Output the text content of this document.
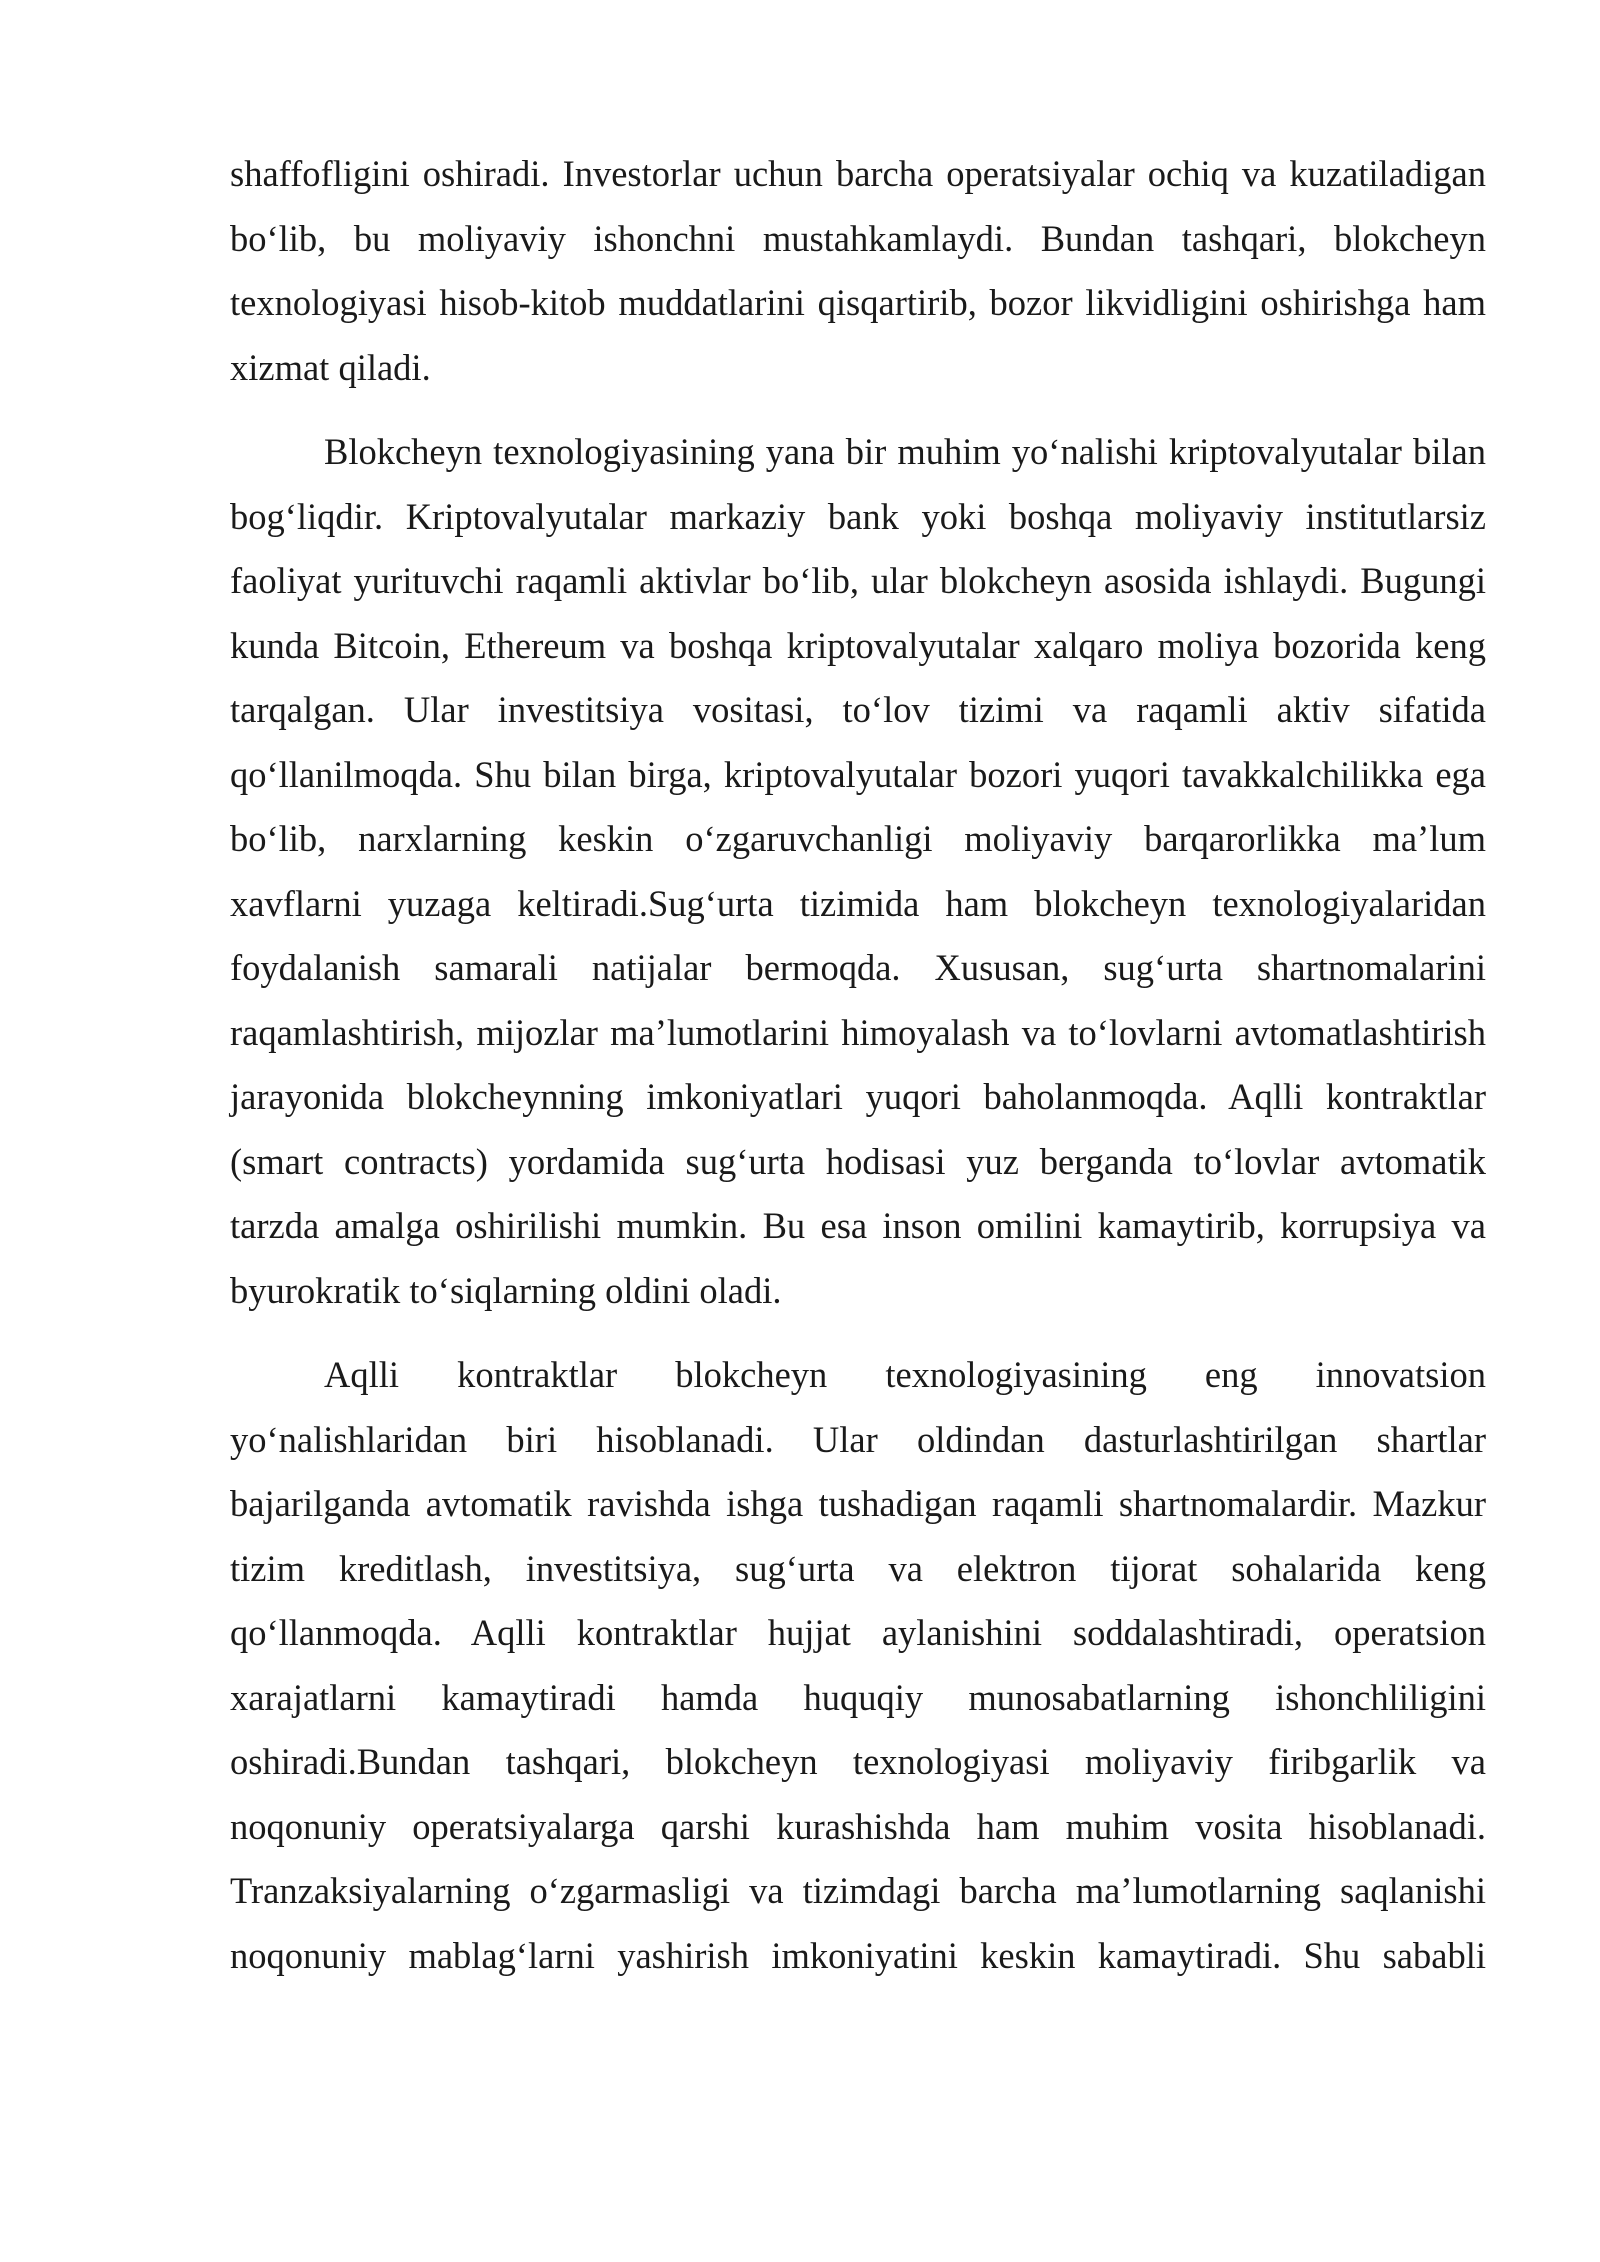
shaffofligini oshiradi. Investorlar uchun barcha operatsiyalar ochiq va kuzatiladigan bo‘lib, bu moliyaviy ishonchni mustahkamlaydi. Bundan tashqari, blokcheyn texnologiyasi hisob-kitob muddatlarini qisqartirib, bozor likvidligini oshirishga ham xizmat qiladi.

Blokcheyn texnologiyasining yana bir muhim yo‘nalishi kriptovalyutalar bilan bog‘liqdir. Kriptovalyutalar markaziy bank yoki boshqa moliyaviy institutlarsiz faoliyat yurituvchi raqamli aktivlar bo‘lib, ular blokcheyn asosida ishlaydi. Bugungi kunda Bitcoin, Ethereum va boshqa kriptovalyutalar xalqaro moliya bozorida keng tarqalgan. Ular investitsiya vositasi, to‘lov tizimi va raqamli aktiv sifatida qo‘llanilmoqda. Shu bilan birga, kriptovalyutalar bozori yuqori tavakkalchilikka ega bo‘lib, narxlarning keskin o‘zgaruvchanligi moliyaviy barqarorlikka ma’lum xavflarni yuzaga keltiradi.Sug‘urta tizimida ham blokcheyn texnologiyalaridan foydalanish samarali natijalar bermoqda. Xususan, sug‘urta shartnomalarini raqamlashtirish, mijozlar ma’lumotlarini himoyalash va to‘lovlarni avtomatlashtirish jarayonida blokcheynning imkoniyatlari yuqori baholanmoqda. Aqlli kontraktlar (smart contracts) yordamida sug‘urta hodisasi yuz berganda to‘lovlar avtomatik tarzda amalga oshirilishi mumkin. Bu esa inson omilini kamaytirib, korrupsiya va byurokratik to‘siqlarning oldini oladi.

Aqlli kontraktlar blokcheyn texnologiyasining eng innovatsion yo‘nalishlaridan biri hisoblanadi. Ular oldindan dasturlashtirilgan shartlar bajarilganda avtomatik ravishda ishga tushadigan raqamli shartnomalardir. Mazkur tizim kreditlash, investitsiya, sug‘urta va elektron tijorat sohalarida keng qo‘llanmoqda. Aqlli kontraktlar hujjat aylanishini soddalashtiradi, operatsion xarajatlarni kamaytiradi hamda huquqiy munosabatlarning ishonchliligini oshiradi.Bundan tashqari, blokcheyn texnologiyasi moliyaviy firibgarlik va noqonuniy operatsiyalarga qarshi kurashishda ham muhim vosita hisoblanadi. Tranzaksiyalarning o‘zgarmasligi va tizimdagi barcha ma’lumotlarning saqlanishi noqonuniy mablag‘larni yashirish imkoniyatini keskin kamaytiradi. Shu sababli
